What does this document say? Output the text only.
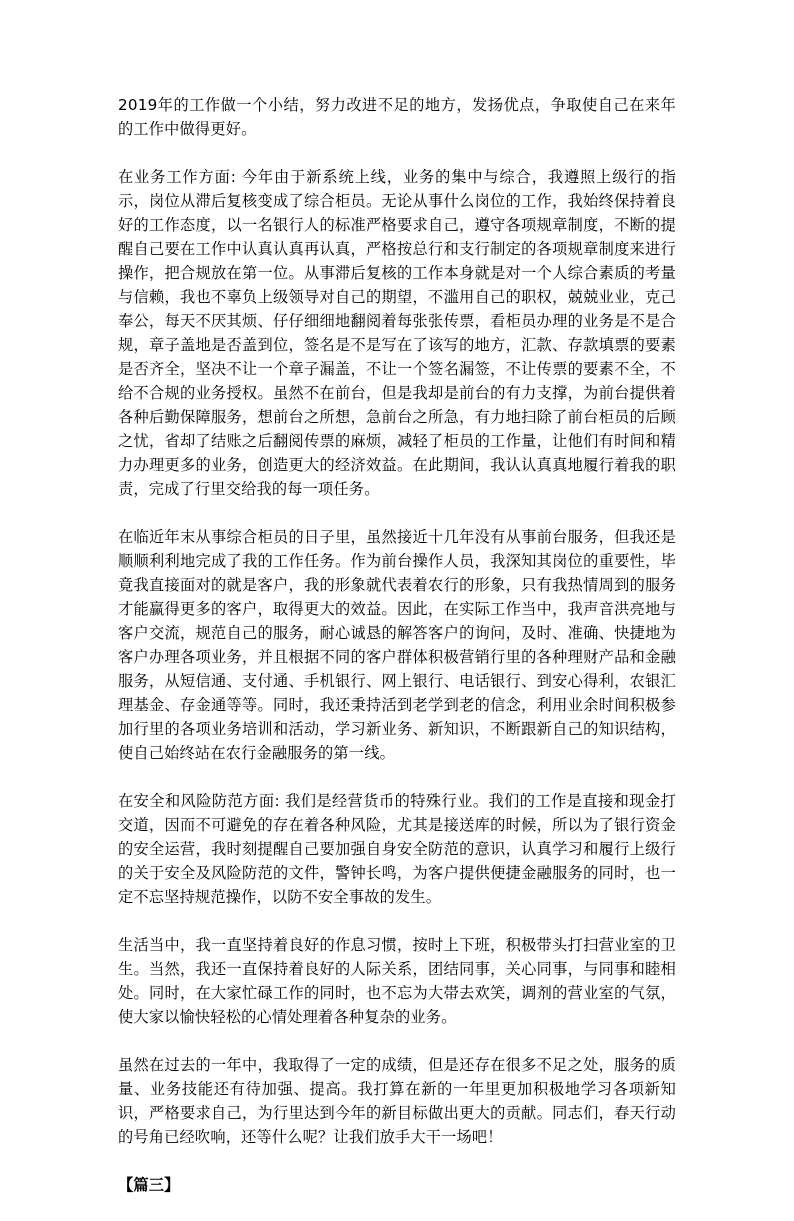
2019年的工作做一个小结，努力改进不足的地方，发扬优点，争取使自己在来年的工作中做得更好。

在业务工作方面: 今年由于新系统上线，业务的集中与综合，我遵照上级行的指示，岗位从滞后复核变成了综合柜员。无论从事什么岗位的工作，我始终保持着良好的工作态度，以一名银行人的标准严格要求自己，遵守各项规章制度，不断的提醒自己要在工作中认真认真再认真，严格按总行和支行制定的各项规章制度来进行操作，把合规放在第一位。从事滞后复核的工作本身就是对一个人综合素质的考量与信赖，我也不辜负上级领导对自己的期望，不滥用自己的职权，兢兢业业，克己奉公，每天不厌其烦、仔仔细细地翻阅着每张张传票，看柜员办理的业务是不是合规，章子盖地是否盖到位，签名是不是写在了该写的地方，汇款、存款填票的要素是否齐全，坚决不让一个章子漏盖，不让一个签名漏签，不让传票的要素不全，不给不合规的业务授权。虽然不在前台，但是我却是前台的有力支撑，为前台提供着各种后勤保障服务，想前台之所想，急前台之所急，有力地扫除了前台柜员的后顾之忧，省却了结账之后翻阅传票的麻烦，减轻了柜员的工作量，让他们有时间和精力办理更多的业务，创造更大的经济效益。在此期间，我认认真真地履行着我的职责，完成了行里交给我的每一项任务。

在临近年末从事综合柜员的日子里，虽然接近十几年没有从事前台服务，但我还是顺顺利利地完成了我的工作任务。作为前台操作人员，我深知其岗位的重要性，毕竟我直接面对的就是客户，我的形象就代表着农行的形象，只有我热情周到的服务才能赢得更多的客户，取得更大的效益。因此，在实际工作当中，我声音洪亮地与客户交流，规范自己的服务，耐心诚恳的解答客户的询问，及时、准确、快捷地为客户办理各项业务，并且根据不同的客户群体积极营销行里的各种理财产品和金融服务，从短信通、支付通、手机银行、网上银行、电话银行、到安心得利，农银汇理基金、存金通等等。同时，我还秉持活到老学到老的信念，利用业余时间积极参加行里的各项业务培训和活动，学习新业务、新知识，不断跟新自己的知识结构，使自己始终站在农行金融服务的第一线。

在安全和风险防范方面: 我们是经营货币的特殊行业。我们的工作是直接和现金打交道，因而不可避免的存在着各种风险，尤其是接送库的时候，所以为了银行资金的安全运营，我时刻提醒自己要加强自身安全防范的意识，认真学习和履行上级行的关于安全及风险防范的文件，警钟长鸣，为客户提供便捷金融服务的同时，也一定不忘坚持规范操作，以防不安全事故的发生。

生活当中，我一直坚持着良好的作息习惯，按时上下班，积极带头打扫营业室的卫生。当然，我还一直保持着良好的人际关系，团结同事，关心同事，与同事和睦相处。同时，在大家忙碌工作的同时，也不忘为大帯去欢笑，调剂的营业室的气氛，使大家以愉快轻松的心情处理着各种复杂的业务。

虽然在过去的一年中，我取得了一定的成绩，但是还存在很多不足之处，服务的质量、业务技能还有待加强、提高。我打算在新的一年里更加积极地学习各项新知识，严格要求自己，为行里达到今年的新目标做出更大的贡献。同志们，春天行动的号角已经吹响，还等什么呢？让我们放手大干一场吧！

【篇三】
